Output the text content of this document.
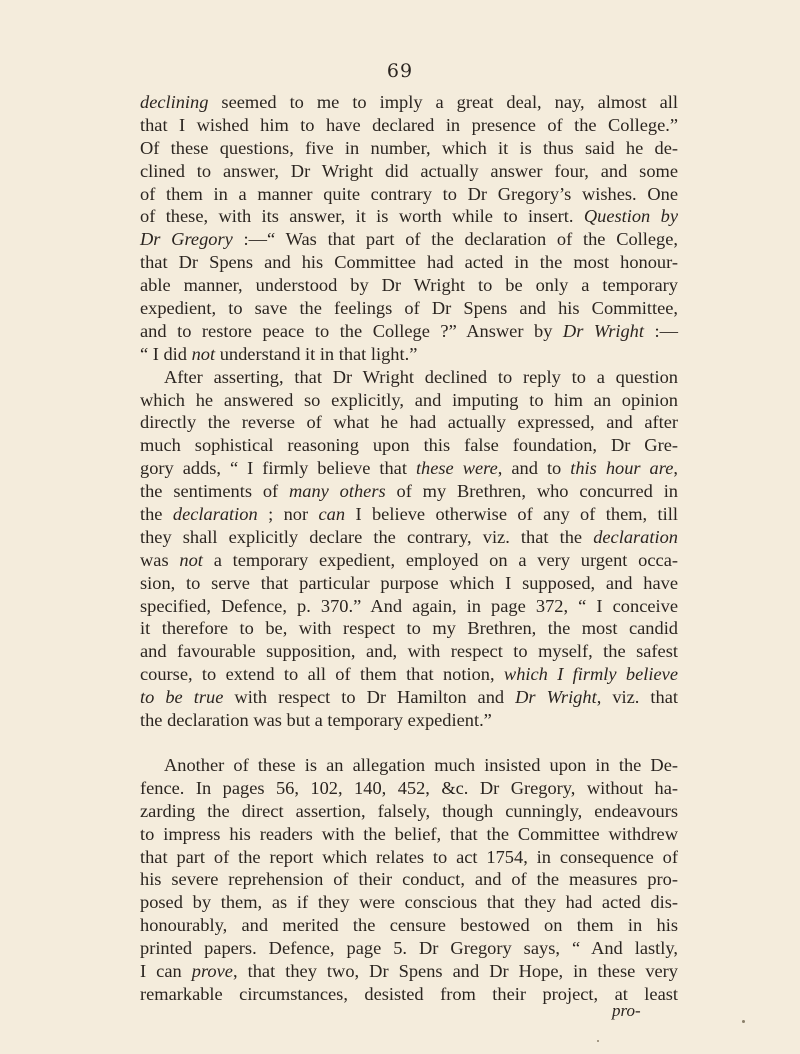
69
declining seemed to me to imply a great deal, nay, almost all
that I wished him to have declared in presence of the College.”
Of these questions, five in number, which it is thus said he de-
clined to answer, Dr Wright did actually answer four, and some
of them in a manner quite contrary to Dr Gregory’s wishes. One
of these, with its answer, it is worth while to insert. Question by
Dr Gregory :—“ Was that part of the declaration of the College,
that Dr Spens and his Committee had acted in the most honour-
able manner, understood by Dr Wright to be only a temporary
expedient, to save the feelings of Dr Spens and his Committee,
and to restore peace to the College ?” Answer by Dr Wright :—
“ I did not understand it in that light.”
After asserting, that Dr Wright declined to reply to a question
which he answered so explicitly, and imputing to him an opinion
directly the reverse of what he had actually expressed, and after
much sophistical reasoning upon this false foundation, Dr Gre-
gory adds, “ I firmly believe that these were, and to this hour are,
the sentiments of many others of my Brethren, who concurred in
the declaration ; nor can I believe otherwise of any of them, till
they shall explicitly declare the contrary, viz. that the declaration
was not a temporary expedient, employed on a very urgent occa-
sion, to serve that particular purpose which I supposed, and have
specified, Defence, p. 370.” And again, in page 372, “ I conceive
it therefore to be, with respect to my Brethren, the most candid
and favourable supposition, and, with respect to myself, the safest
course, to extend to all of them that notion, which I firmly believe
to be true with respect to Dr Hamilton and Dr Wright, viz. that
the declaration was but a temporary expedient.”
Another of these is an allegation much insisted upon in the De-
fence. In pages 56, 102, 140, 452, &c. Dr Gregory, without ha-
zarding the direct assertion, falsely, though cunningly, endeavours
to impress his readers with the belief, that the Committee withdrew
that part of the report which relates to act 1754, in consequence of
his severe reprehension of their conduct, and of the measures pro-
posed by them, as if they were conscious that they had acted dis-
honourably, and merited the censure bestowed on them in his
printed papers. Defence, page 5. Dr Gregory says, “ And lastly,
I can prove, that they two, Dr Spens and Dr Hope, in these very
remarkable circumstances, desisted from their project, at least
pro-
